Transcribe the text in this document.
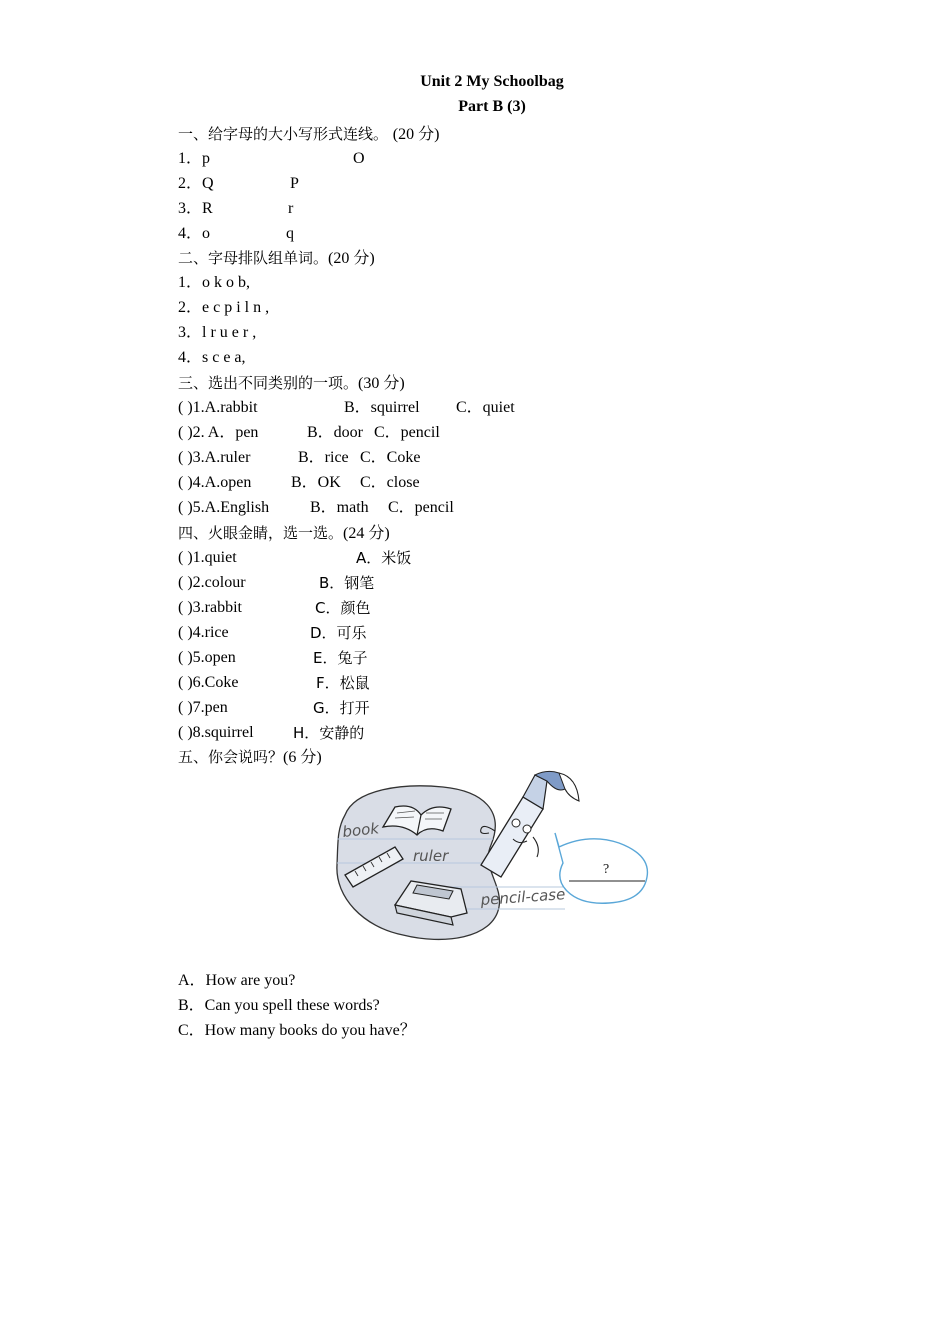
Unit 2 My Schoolbag
Part B (3)
一、给字母的大小写形式连线。 (20 分)
1．p	O
2．Q	P
3．R	r
4．o	q
二、字母排队组单词。(20 分)
1．o k o b,
2．e c p i l n ,
3．l r u e r ,
4．s c e a,
三、选出不同类别的一项。(30 分)
( )1.A.rabbit	B．squirrel C．quiet
( )2. A．pen	B．door C．pencil
( )3.A.ruler	B．rice C．Coke
( )4.A.open B．OK C．close
( )5.A.English	B．math C．pencil
四、火眼金睛，选一选。(24 分)
( )1.quiet	A．米饭
( )2.colour	B．钢笔
( )3.rabbit	C．颜色
( )4.rice	D．可乐
( )5.open	E．兔子
( )6.Coke	F．松鼠
( )7.pen	G．打开
( )8.squirrel	H．安静的
五、你会说吗？(6 分)
book
ruler
pencil-case
?
A．How are you?
B．Can you spell these words?
C．How many books do you have？
